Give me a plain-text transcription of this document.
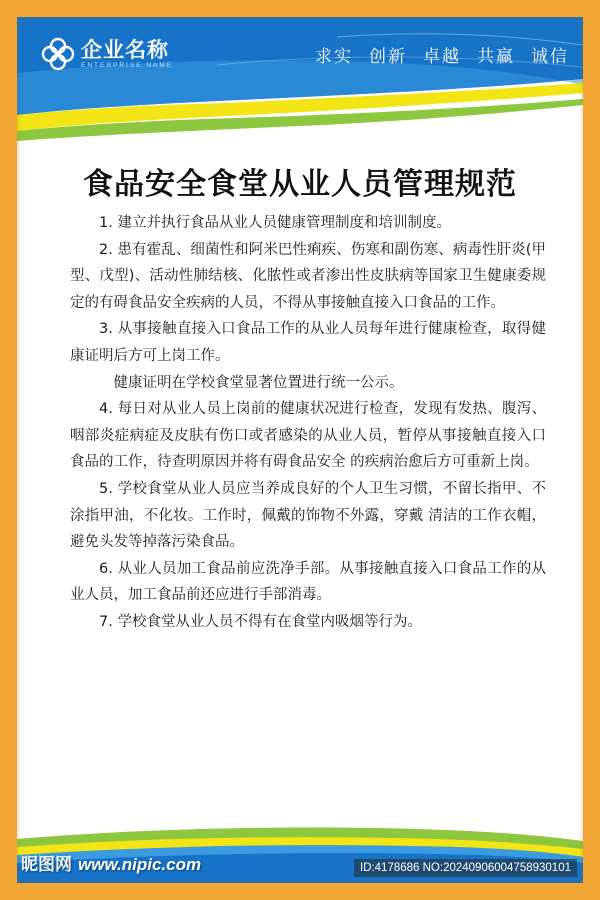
企业名称
ENTERPRISE NAME	求实 创新 卓越 共赢 诚信
食品安全食堂从业人员管理规范

1. 建立并执行食品从业人员健康管理制度和培训制度。

2. 患有霍乱、细菌性和阿米巴性痢疾、伤寒和副伤寒、病毒性肝炎(甲型、戊型)、活动性肺结核、化脓性或者渗出性皮肤病等国家卫生健康委规定的有碍食品安全疾病的人员，不得从事接触直接入口食品的工作。

3. 从事接触直接入口食品工作的从业人员每年进行健康检查，取得健康证明后方可上岗工作。

健康证明在学校食堂显著位置进行统一公示。

4. 每日对从业人员上岗前的健康状况进行检查，发现有发热、腹泻、咽部炎症病症及皮肤有伤口或者感染的从业人员，暂停从事接触直接入口食品的工作，待查明原因并将有碍食品安全 的疾病治愈后方可重新上岗。

5. 学校食堂从业人员应当养成良好的个人卫生习惯，不留长指甲、不涂指甲油，不化妆。工作时，佩戴的饰物不外露，穿戴 清洁的工作衣帽，避免头发等掉落污染食品。

6. 从业人员加工食品前应洗净手部。从事接触直接入口食品工作的从业人员，加工食品前还应进行手部消毒。

7. 学校食堂从业人员不得有在食堂内吸烟等行为。

昵图网 www.nipic.com	ID:4178686 NO:20240906004758930101
